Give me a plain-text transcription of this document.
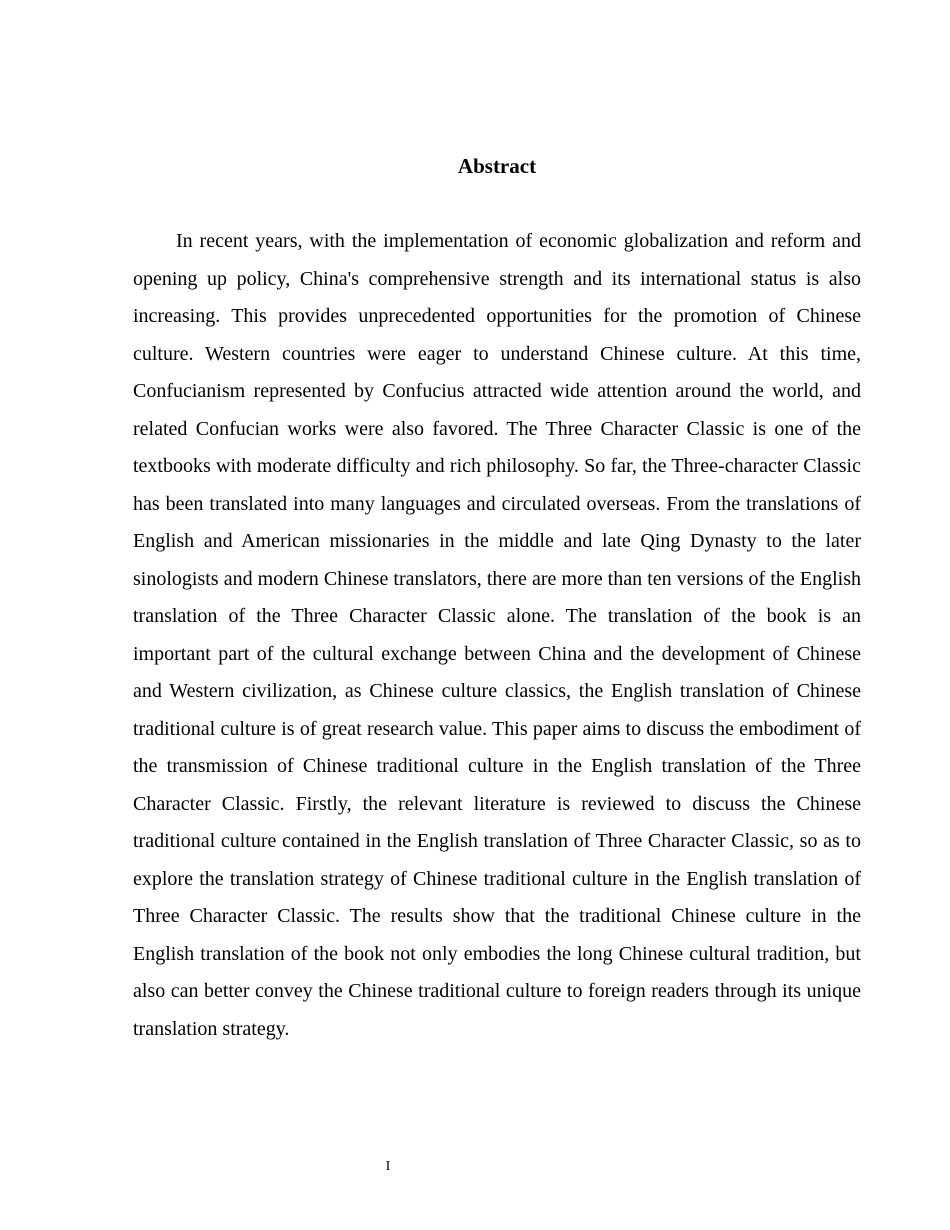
Abstract

In recent years, with the implementation of economic globalization and reform and opening up policy, China's comprehensive strength and its international status is also increasing. This provides unprecedented opportunities for the promotion of Chinese culture. Western countries were eager to understand Chinese culture. At this time, Confucianism represented by Confucius attracted wide attention around the world, and related Confucian works were also favored. The Three Character Classic is one of the textbooks with moderate difficulty and rich philosophy. So far, the Three-character Classic has been translated into many languages and circulated overseas. From the translations of English and American missionaries in the middle and late Qing Dynasty to the later sinologists and modern Chinese translators, there are more than ten versions of the English translation of the Three Character Classic alone. The translation of the book is an important part of the cultural exchange between China and the development of Chinese and Western civilization, as Chinese culture classics, the English translation of Chinese traditional culture is of great research value. This paper aims to discuss the embodiment of the transmission of Chinese traditional culture in the English translation of the Three Character Classic. Firstly, the relevant literature is reviewed to discuss the Chinese traditional culture contained in the English translation of Three Character Classic, so as to explore the translation strategy of Chinese traditional culture in the English translation of Three Character Classic. The results show that the traditional Chinese culture in the English translation of the book not only embodies the long Chinese cultural tradition, but also can better convey the Chinese traditional culture to foreign readers through its unique translation strategy.

I
